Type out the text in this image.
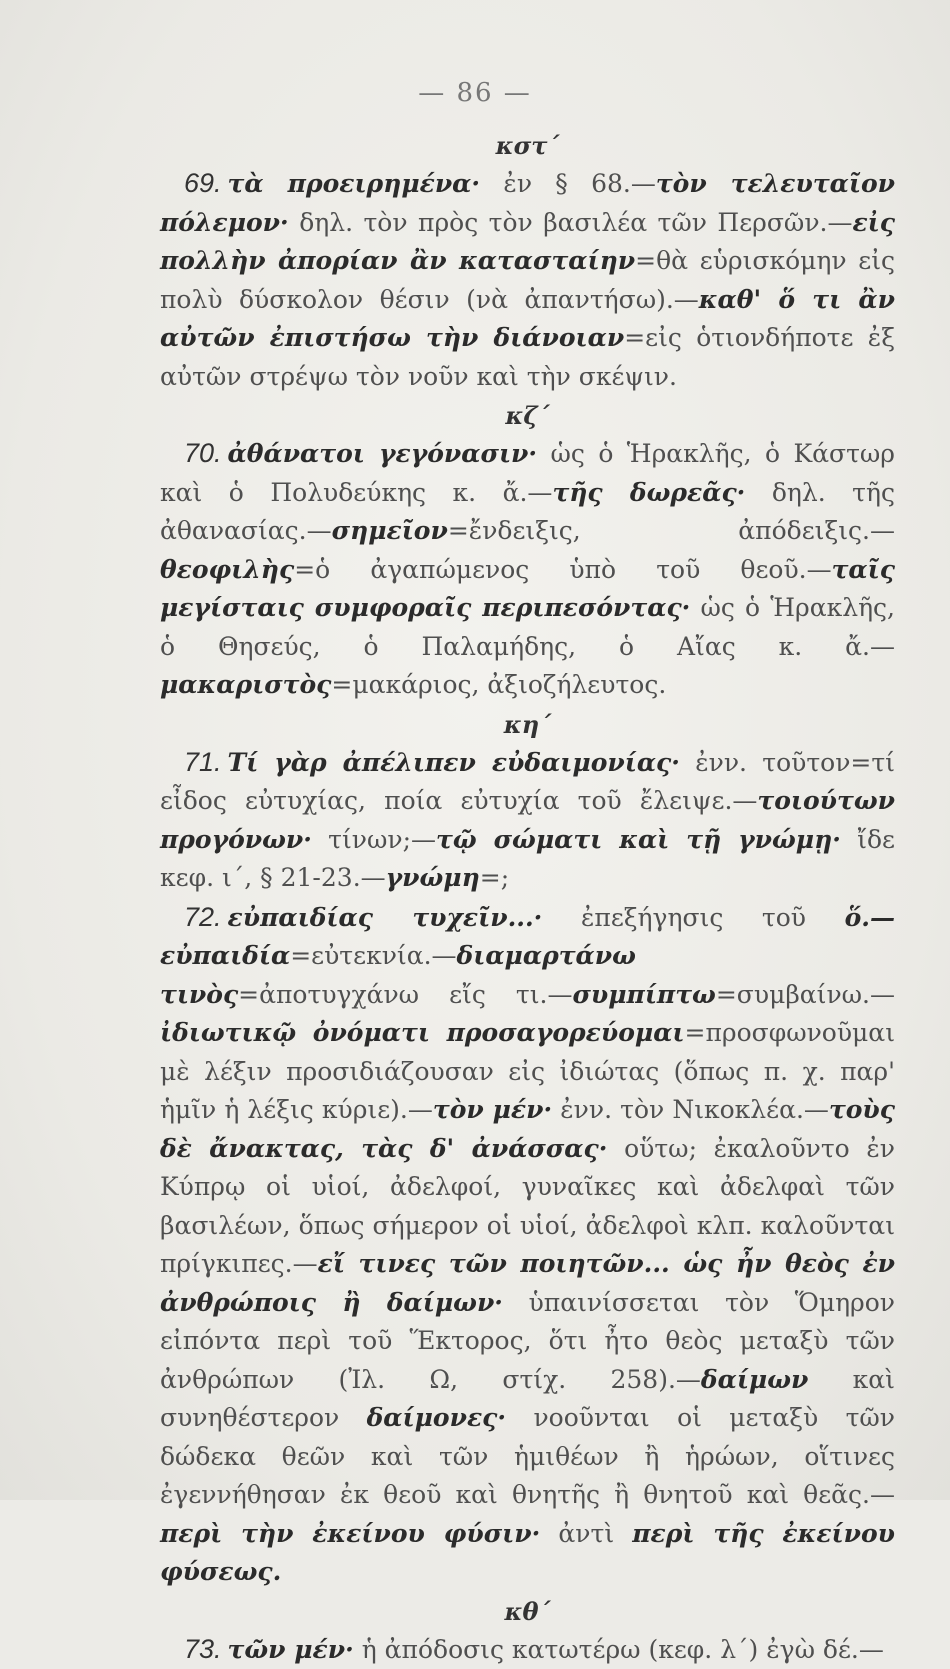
— 86 —
κστ΄

69. τὰ προειρημένα· ἐν § 68.—τὸν τελευταῖον πόλεμον· δηλ. τὸν πρὸς τὸν βασιλέα τῶν Περσῶν.—εἰς πολλὴν ἀπορίαν ἂν κατασταίην=θὰ εὑρισκόμην εἰς πολὺ δύσκολον θέσιν (νὰ ἀπαντήσω).—καθ' ὅ τι ἂν αὐτῶν ἐπιστήσω τὴν διάνοιαν=εἰς ὁτιονδήποτε ἐξ αὐτῶν στρέψω τὸν νοῦν καὶ τὴν σκέψιν.

κζ΄

70. ἀθάνατοι γεγόνασιν· ὡς ὁ Ἡρακλῆς, ὁ Κάστωρ καὶ ὁ Πολυδεύκης κ. ἄ.—τῆς δωρεᾶς· δηλ. τῆς ἀθανασίας.—σημεῖον=ἔνδειξις, ἀπόδειξις.—θεοφιλὴς=ὁ ἀγαπώμενος ὑπὸ τοῦ θεοῦ.—ταῖς μεγίσταις συμφοραῖς περιπεσόντας· ὡς ὁ Ἡρακλῆς, ὁ Θησεύς, ὁ Παλαμήδης, ὁ Αἴας κ. ἄ.—μακαριστὸς=μακάριος, ἀξιοζήλευτος.

κη΄

71. Τί γὰρ ἀπέλιπεν εὐδαιμονίας· ἐνν. τοῦτον=τί εἶδος εὐτυχίας, ποία εὐτυχία τοῦ ἔλειψε.—τοιούτων προγόνων· τίνων;—τῷ σώματι καὶ τῇ γνώμῃ· ἴδε κεφ. ι΄, § 21-23.—γνώμη=;

72. εὐπαιδίας τυχεῖν...· ἐπεξήγησις τοῦ ὅ.—εὐπαιδία=εὐτεκνία.—διαμαρτάνω τινὸς=ἀποτυγχάνω εἴς τι.—συμπίπτω=συμβαίνω.—ἰδιωτικῷ ὀνόματι προσαγορεύομαι=προσφωνοῦμαι μὲ λέξιν προσιδιάζουσαν εἰς ἰδιώτας (ὅπως π. χ. παρ' ἡμῖν ἡ λέξις κύριε).—τὸν μέν· ἐνν. τὸν Νικοκλέα.—τοὺς δὲ ἄνακτας, τὰς δ' ἀνάσσας· οὕτω; ἐκαλοῦντο ἐν Κύπρῳ οἱ υἱοί, ἀδελφοί, γυναῖκες καὶ ἀδελφαὶ τῶν βασιλέων, ὅπως σήμερον οἱ υἱοί, ἀδελφοὶ κλπ. καλοῦνται πρίγκιπες.—εἴ τινες τῶν ποιητῶν... ὡς ἦν θεὸς ἐν ἀνθρώποις ἢ δαίμων· ὑπαινίσσεται τὸν Ὅμηρον εἰπόντα περὶ τοῦ Ἕκτορος, ὅτι ἦτο θεὸς μεταξὺ τῶν ἀνθρώπων (Ἰλ. Ω, στίχ. 258).—δαίμων καὶ συνηθέστερον δαίμονες· νοοῦνται οἱ μεταξὺ τῶν δώδεκα θεῶν καὶ τῶν ἡμιθέων ἢ ἡρώων, οἵτινες ἐγεννήθησαν ἐκ θεοῦ καὶ θνητῆς ἢ θνητοῦ καὶ θεᾶς.—περὶ τὴν ἐκείνου φύσιν· ἀντὶ περὶ τῆς ἐκείνου φύσεως.

κθ΄

73. τῶν μέν· ἡ ἀπόδοσις κατωτέρω (κεφ. λ΄) ἐγὼ δέ.—
